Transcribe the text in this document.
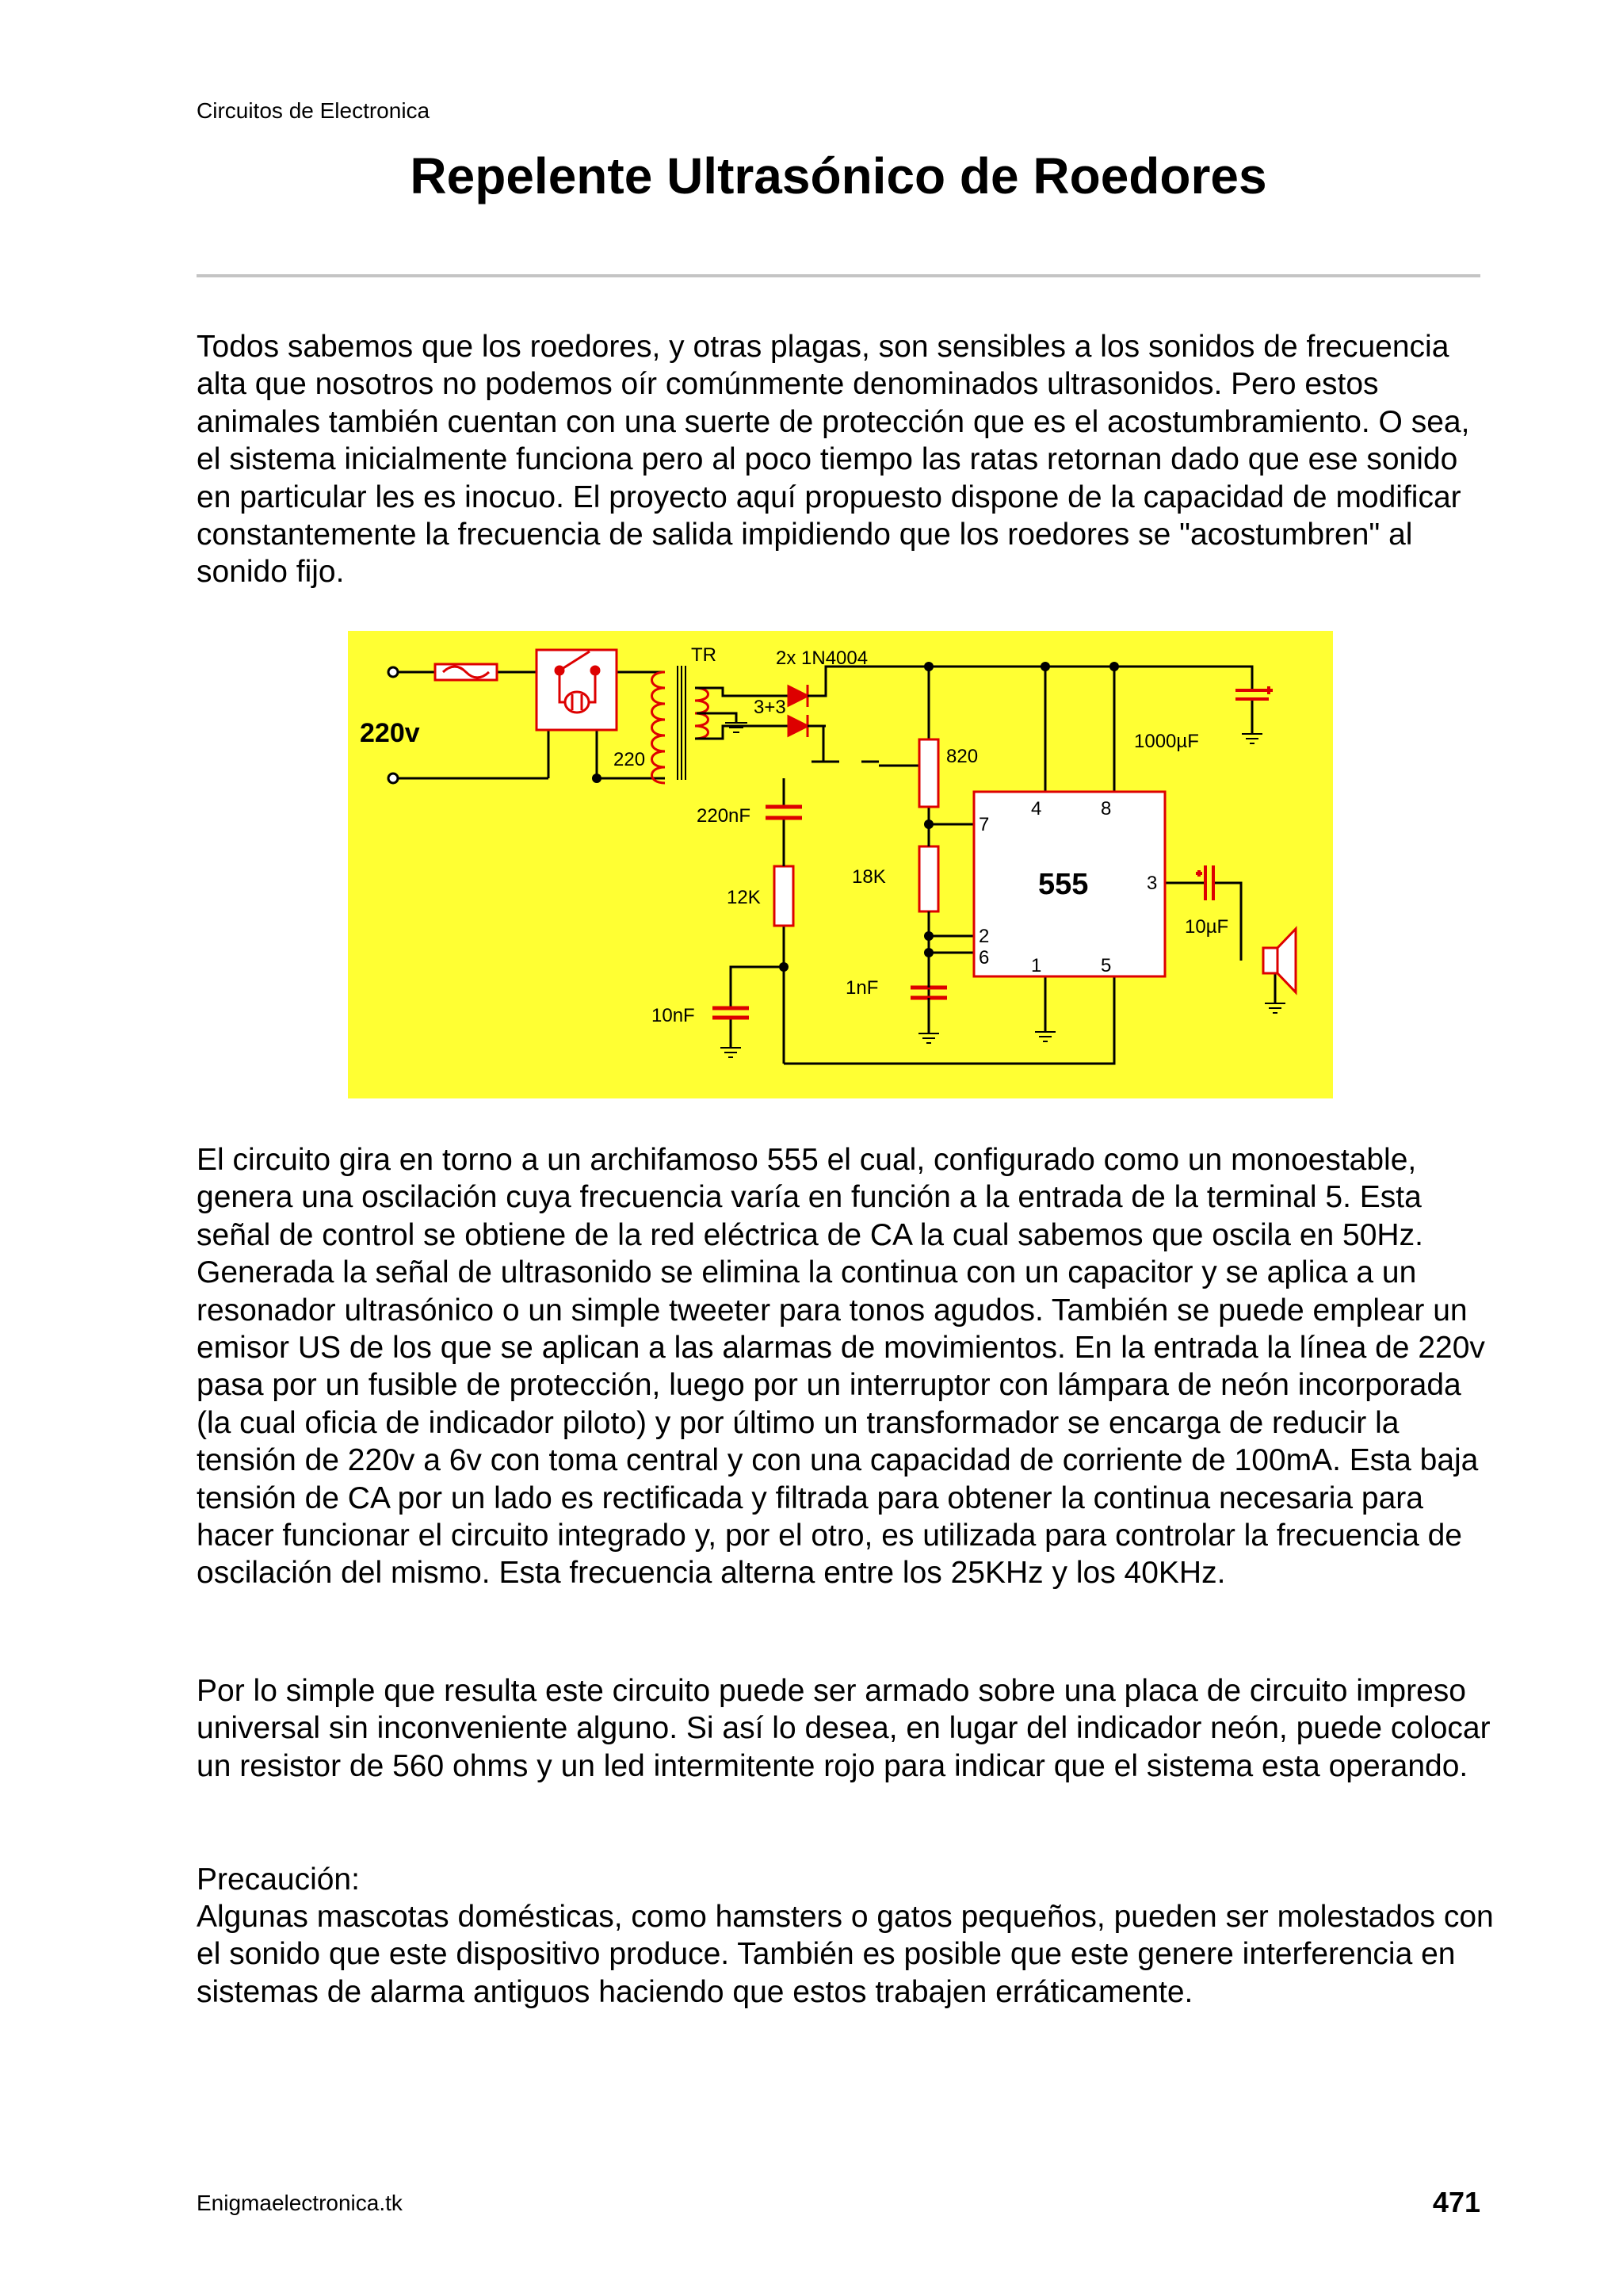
Circuitos de Electronica
Repelente Ultrasónico de Roedores

Todos sabemos que los roedores, y otras plagas, son sensibles a los sonidos de frecuencia alta que nosotros no podemos oír comúnmente denominados ultrasonidos. Pero estos animales también cuentan con una suerte de protección que es el acostumbramiento. O sea, el sistema inicialmente funciona pero al poco tiempo las ratas retornan dado que ese sonido en particular les es inocuo. El proyecto aquí propuesto dispone de la capacidad de modificar constantemente la frecuencia de salida impidiendo que los roedores se "acostumbren" al sonido fijo.

220v
TR
220
3+3
2x 1N4004
820
1000µF
220nF
12K
18K	555
4	8
7
3
2
6 1	5
10µF
1nF
10nF

El circuito gira en torno a un archifamoso 555 el cual, configurado como un monoestable, genera una oscilación cuya frecuencia varía en función a la entrada de la terminal 5. Esta señal de control se obtiene de la red eléctrica de CA la cual sabemos que oscila en 50Hz. Generada la señal de ultrasonido se elimina la continua con un capacitor y se aplica a un resonador ultrasónico o un simple tweeter para tonos agudos. También se puede emplear un emisor US de los que se aplican a las alarmas de movimientos. En la entrada la línea de 220v pasa por un fusible de protección, luego por un interruptor con lámpara de neón incorporada (la cual oficia de indicador piloto) y por último un transformador se encarga de reducir la tensión de 220v a 6v con toma central y con una capacidad de corriente de 100mA. Esta baja tensión de CA por un lado es rectificada y filtrada para obtener la continua necesaria para hacer funcionar el circuito integrado y, por el otro, es utilizada para controlar la frecuencia de oscilación del mismo. Esta frecuencia alterna entre los 25KHz y los 40KHz.

Por lo simple que resulta este circuito puede ser armado sobre una placa de circuito impreso universal sin inconveniente alguno. Si así lo desea, en lugar del indicador neón, puede colocar un resistor de 560 ohms y un led intermitente rojo para indicar que el sistema esta operando.

Precaución:

Algunas mascotas domésticas, como hamsters o gatos pequeños, pueden ser molestados con el sonido que este dispositivo produce. También es posible que este genere interferencia en sistemas de alarma antiguos haciendo que estos trabajen erráticamente.

Enigmaelectronica.tk	471
